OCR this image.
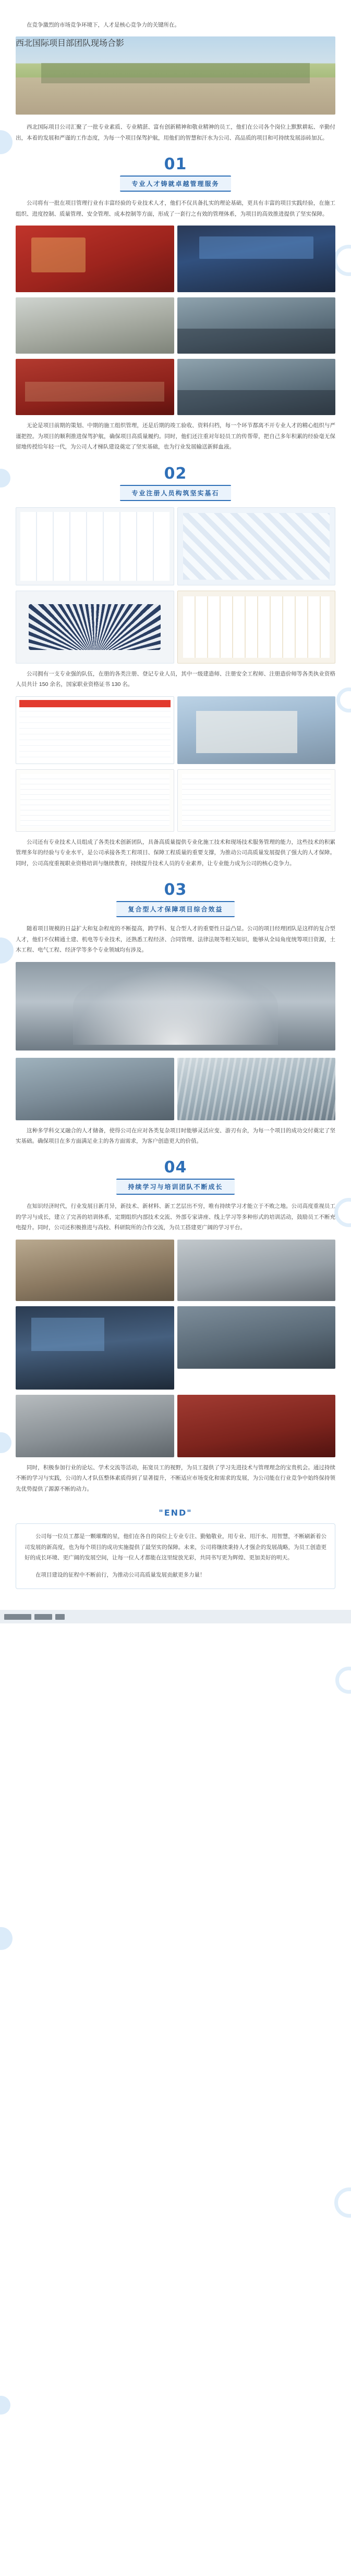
在竞争激烈的市场竞争环境下，人才是核心竞争力的关键所在。

西北国际项目部团队现场合影

西北国际项目公司汇聚了一批专业素质、专业精湛、富有创新精神和敬业精神的员工，他们在公司各个岗位上默默耕耘、辛勤付出，本着的发展和严谨的工作态度，为每一个项目保驾护航，用他们的智慧和汗水为公司、高品质的项目和可持续发展添砖加瓦。

01
专业人才铸就卓越管理服务

公司将有一批在项目管理行业有丰富经验的专业技术人才，他们不仅具备扎实的理论基础，更具有丰富的项目实践经验，在施工组织、进度控制、质量管理、安全管理、成本控制等方面，形成了一套行之有效的管理体系，为项目的高效推进提供了坚实保障。

无论是项目前期的策划、中期的施工组织管理，还是后期的竣工验收、资料归档，每一个环节都离不开专业人才的精心组织与严谨把控。为项目的顺利推进保驾护航，确保项目高质量履约。同时，他们还注重对年轻员工的传帮带，把自己多年积累的经验毫无保留地传授给年轻一代，为公司人才梯队建设奠定了坚实基础，也为行业发展输送新鲜血液。

02
专业注册人员构筑坚实基石

公司拥有一支专业强的队伍，在册的各类注册、登记专业人员，其中一级建造师、注册安全工程师、注册造价师等各类执业资格人员共计 150 余名，国家职业资格证书 130 名。

公司还有专业技术人员组成了各类技术创新团队，具备高质量提供专业化施工技术和现场技术服务管理的能力，这些技术的积累管理多年的经验与专业水平，是公司承接各类工程项目、保障工程质量的重要支撑，为推动公司高质量发展提供了强大的人才保障。同时，公司高度重视职业资格培训与继续教育，持续提升技术人员的专业素养，让专业能力成为公司的核心竞争力。

03
复合型人才保障项目综合效益

随着项目规模的日益扩大和复杂程度的不断提高，跨学科、复合型人才的重要性日益凸显。公司的项目经理团队是这样的复合型人才，他们不仅精通土建、机电等专业技术，还熟悉工程经济、合同管理、法律法规等相关知识，能够从全局角度统筹项目资源，土木工程、电气工程、经济学等多个专业领域均有涉及。

这种多学科交叉融合的人才储备，使得公司在应对各类复杂项目时能够灵活应变、游刃有余，为每一个项目的成功交付奠定了坚实基础。确保项目在多方面满足业主的各方面需求，为客户创造更大的价值。

04
持续学习与培训团队不断成长

在知识经济时代，行业发展日新月异，新技术、新材料、新工艺层出不穷，唯有持续学习才能立于不败之地。公司高度重视员工的学习与成长，建立了完善的培训体系，定期组织内部技术交流、外部专家讲座、线上学习等多种形式的培训活动，鼓励员工不断充电提升。同时，公司还积极推进与高校、科研院所的合作交流，为员工搭建更广阔的学习平台。

同时，积极参加行业的论坛、学术交流等活动，拓宽员工的视野，为员工提供了学习先进技术与管理理念的宝贵机会。通过持续不断的学习与实践，公司的人才队伍整体素质得到了显著提升，不断适应市场变化和需求的发展，为公司能在行业竞争中始终保持领先优势提供了源源不断的动力。

"END"

公司每一位员工都是一颗璀璨的星，他们在各自的岗位上专业专注、勤勉敬业，用专业、用汗水、用智慧，不断刷新着公司发展的新高度，也为每个项目的成功实施提供了最坚实的保障。未来，公司将继续秉持人才强企的发展战略，为员工创造更好的成长环境、更广阔的发展空间，让每一位人才都能在这里绽放光彩，共同书写更为辉煌、更加美好的明天。

在项目建设的征程中不断前行，为推动公司高质量发展贡献更多力量！
